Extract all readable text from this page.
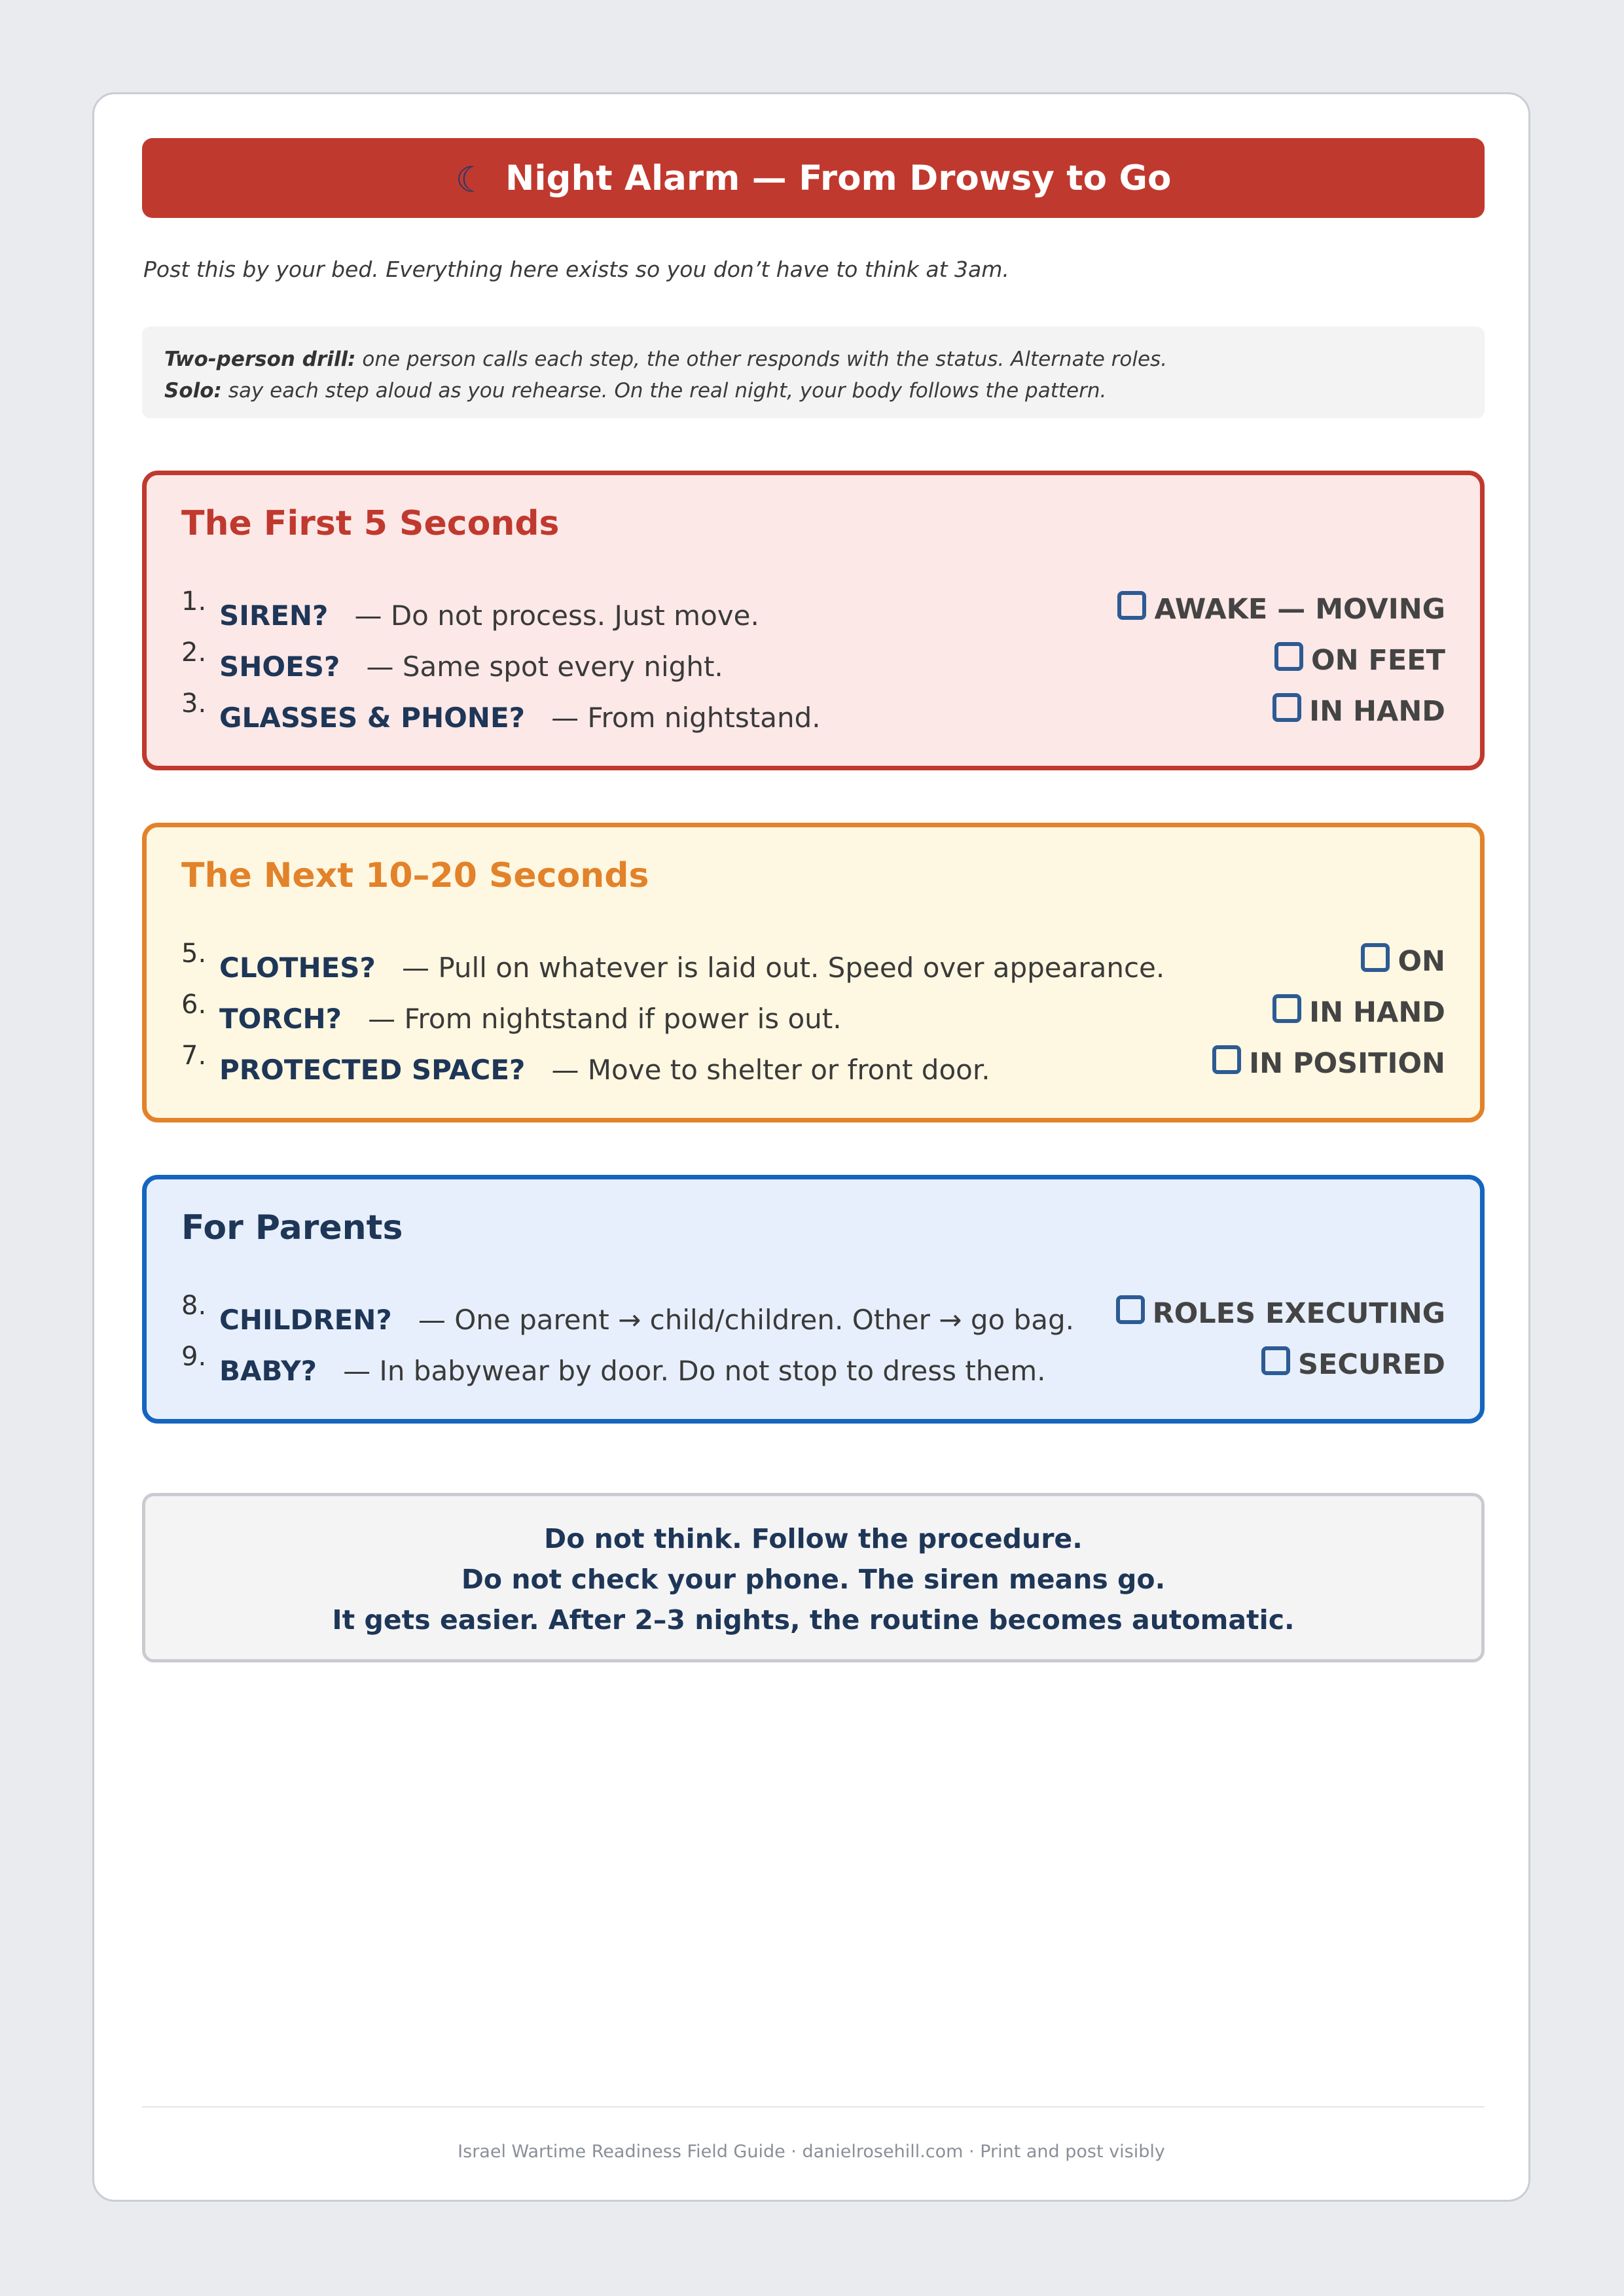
☾ Night Alarm — From Drowsy to Go
Post this by your bed. Everything here exists so you don’t have to think at 3am.
Two-person drill: one person calls each step, the other responds with the status. Alternate roles.
Solo: say each step aloud as you rehearse. On the real night, your body follows the pattern.
The First 5 Seconds
1. SIREN? — Do not process. Just move.	AWAKE — MOVING
2. SHOES? — Same spot every night.	ON FEET
3. GLASSES & PHONE? — From nightstand.	IN HAND
The Next 10–20 Seconds
5. CLOTHES? — Pull on whatever is laid out. Speed over appearance.	ON
6. TORCH? — From nightstand if power is out.	IN HAND
7. PROTECTED SPACE? — Move to shelter or front door.	IN POSITION
For Parents
8. CHILDREN? — One parent → child/children. Other → go bag.	ROLES EXECUTING
9. BABY? — In babywear by door. Do not stop to dress them.	SECURED
Do not think. Follow the procedure.
Do not check your phone. The siren means go.
It gets easier. After 2–3 nights, the routine becomes automatic.
Israel Wartime Readiness Field Guide · danielrosehill.com · Print and post visibly
